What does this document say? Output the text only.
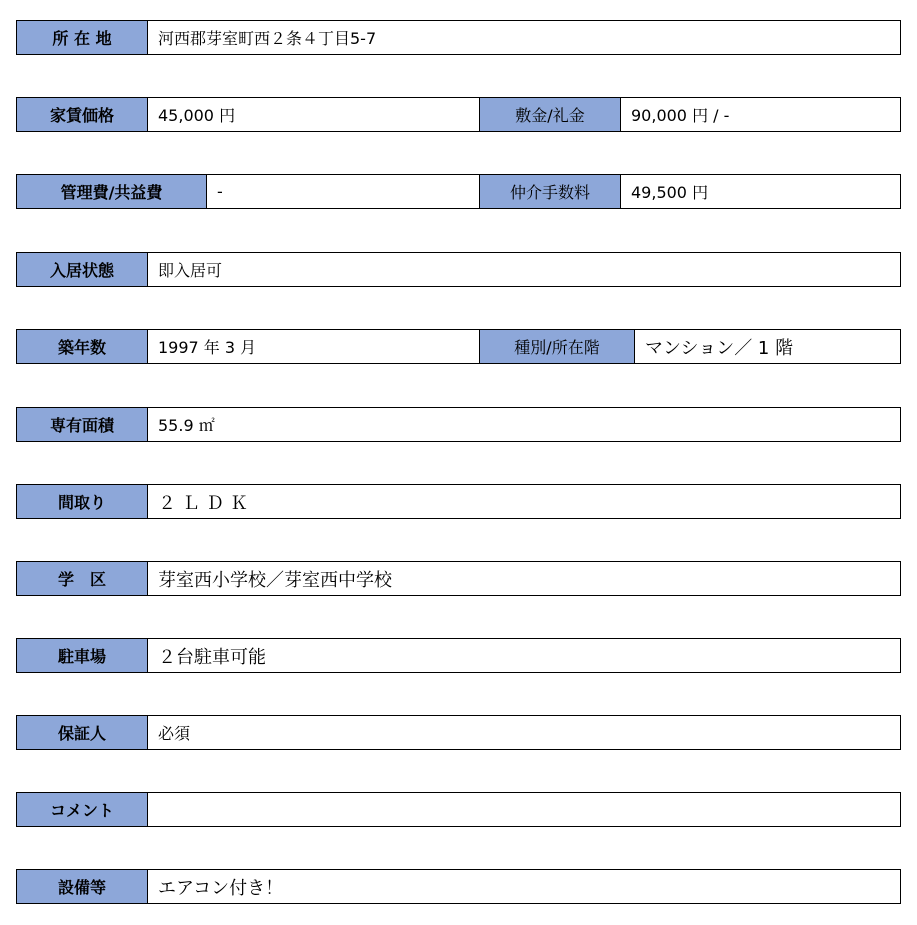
所 在 地	河西郡芽室町西２条４丁目5-7
家賃価格	45,000 円	敷金/礼金	90,000 円 / -
管理費/共益費	-	仲介手数料	49,500 円
入居状態	即入居可
築年数	1997 年 3 月	種別/所在階	マンション／ 1 階
専有面積	55.9 ㎡
間取り	２ＬＤＫ
学　区	芽室西小学校／芽室西中学校
駐車場	２台駐車可能
保証人	必須
コメント
設備等	エアコン付き！
